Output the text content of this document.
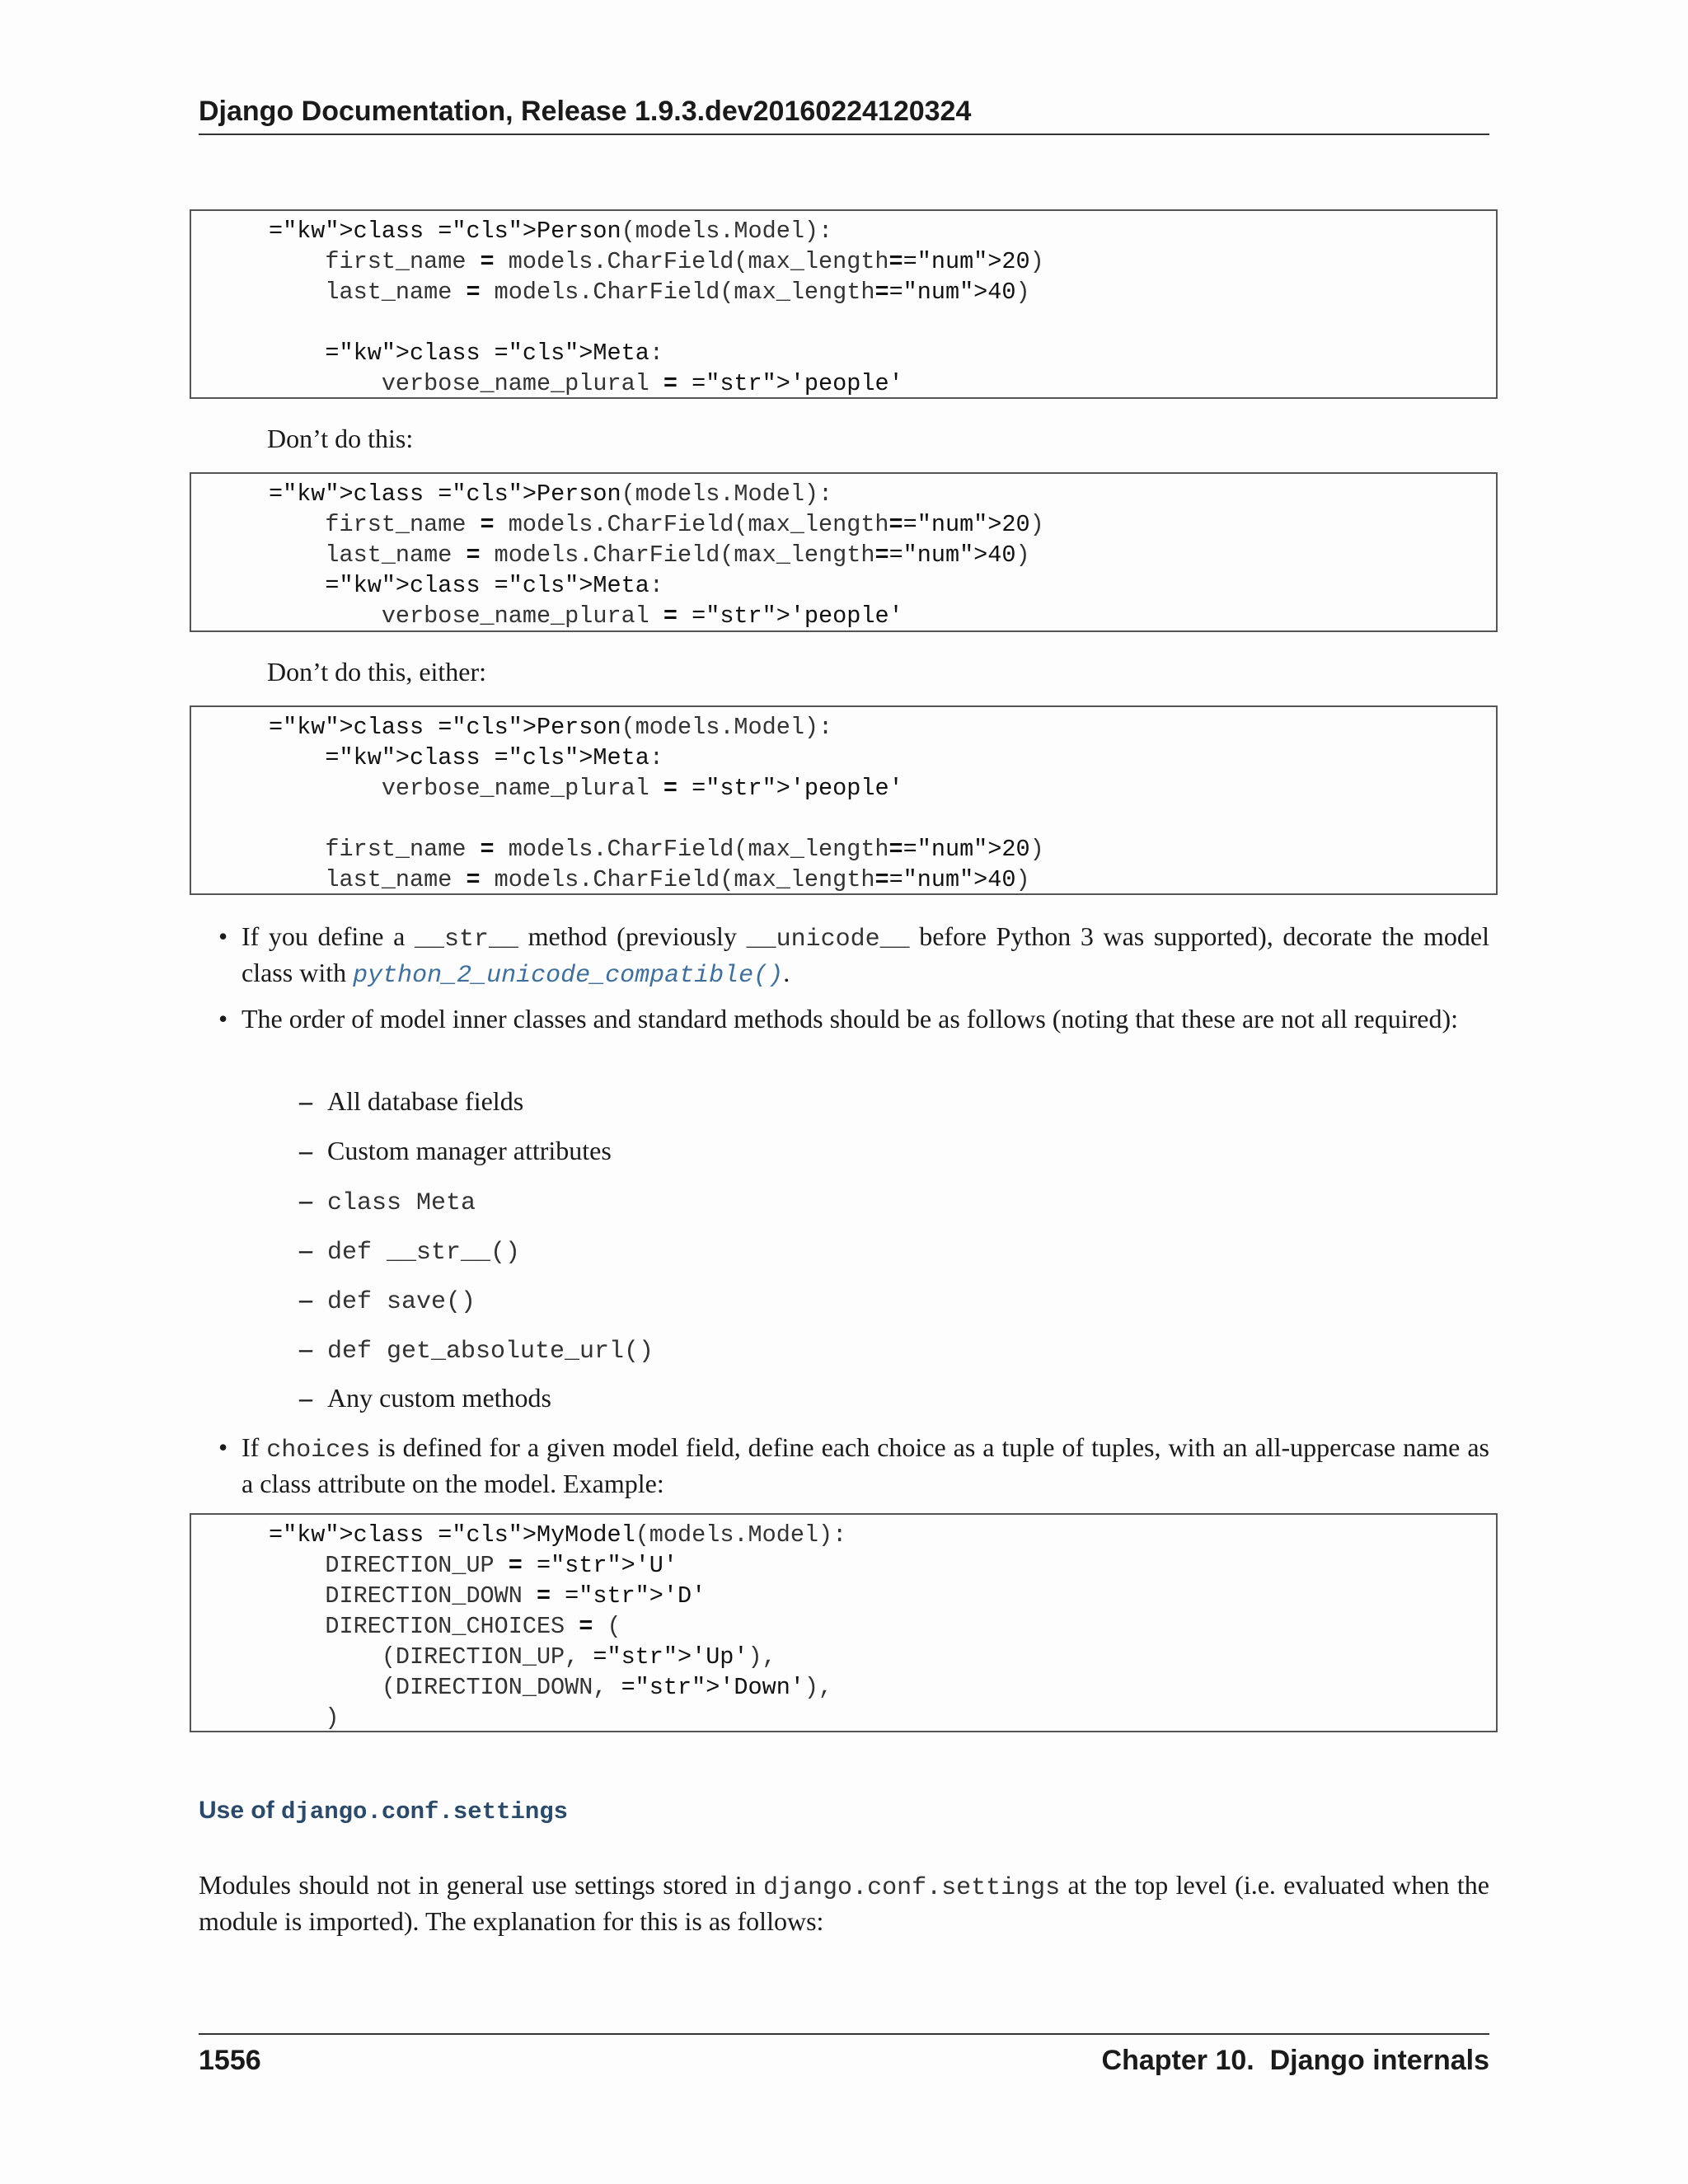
Django Documentation, Release 1.9.3.dev20160224120324
="kw">class ="cls">Person(models.Model):
first_name = models.CharField(max_length=="num">20)
last_name = models.CharField(max_length=="num">40)

="kw">class ="cls">Meta:
verbose_name_plural = ="str">'people'
Don’t do this:
="kw">class ="cls">Person(models.Model):
first_name = models.CharField(max_length=="num">20)
last_name = models.CharField(max_length=="num">40)
="kw">class ="cls">Meta:
verbose_name_plural = ="str">'people'
Don’t do this, either:
="kw">class ="cls">Person(models.Model):
="kw">class ="cls">Meta:
verbose_name_plural = ="str">'people'

first_name = models.CharField(max_length=="num">20)
last_name = models.CharField(max_length=="num">40)
• If you define a __str__ method (previously __unicode__ before Python 3 was supported), decorate the model class with python_2_unicode_compatible().
• The order of model inner classes and standard methods should be as follows (noting that these are not all required):
– All database fields
– Custom manager attributes
– class Meta
– def __str__()
– def save()
– def get_absolute_url()
– Any custom methods
• If choices is defined for a given model field, define each choice as a tuple of tuples, with an all-uppercase name as a class attribute on the model. Example:
="kw">class ="cls">MyModel(models.Model):
DIRECTION_UP = ="str">'U'
DIRECTION_DOWN = ="str">'D'
DIRECTION_CHOICES = (
(DIRECTION_UP, ="str">'Up'),
(DIRECTION_DOWN, ="str">'Down'),
)
Use of django.conf.settings
Modules should not in general use settings stored in django.conf.settings at the top level (i.e. evaluated when the module is imported). The explanation for this is as follows:
1556	Chapter 10.  Django internals
